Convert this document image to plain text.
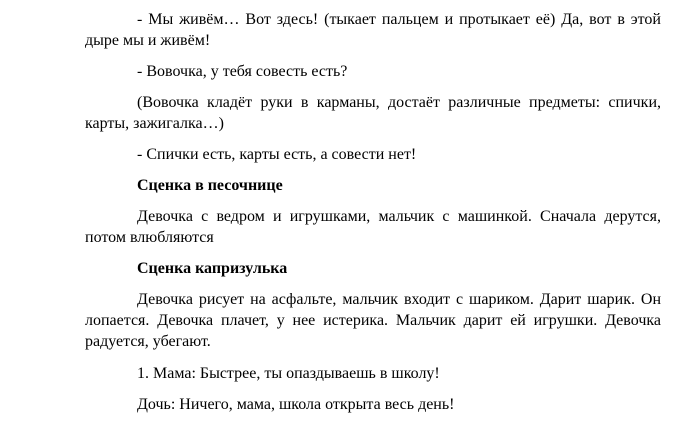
- Мы живём… Вот здесь! (тыкает пальцем и протыкает её) Да, вот в этой дыре мы и живём!

- Вовочка, у тебя совесть есть?

(Вовочка кладёт руки в карманы, достаёт различные предметы: спички, карты, зажигалка…)

- Спички есть, карты есть, а совести нет!

Сценка в песочнице

Девочка с ведром и игрушками, мальчик с машинкой. Сначала дерутся, потом влюбляются

Сценка капризулька

Девочка рисует на асфальте, мальчик входит с шариком. Дарит шарик. Он лопается. Девочка плачет, у нее истерика. Мальчик дарит ей игрушки. Девочка радуется, убегают.

1. Мама: Быстрее, ты опаздываешь в школу!

Дочь: Ничего, мама, школа открыта весь день!
